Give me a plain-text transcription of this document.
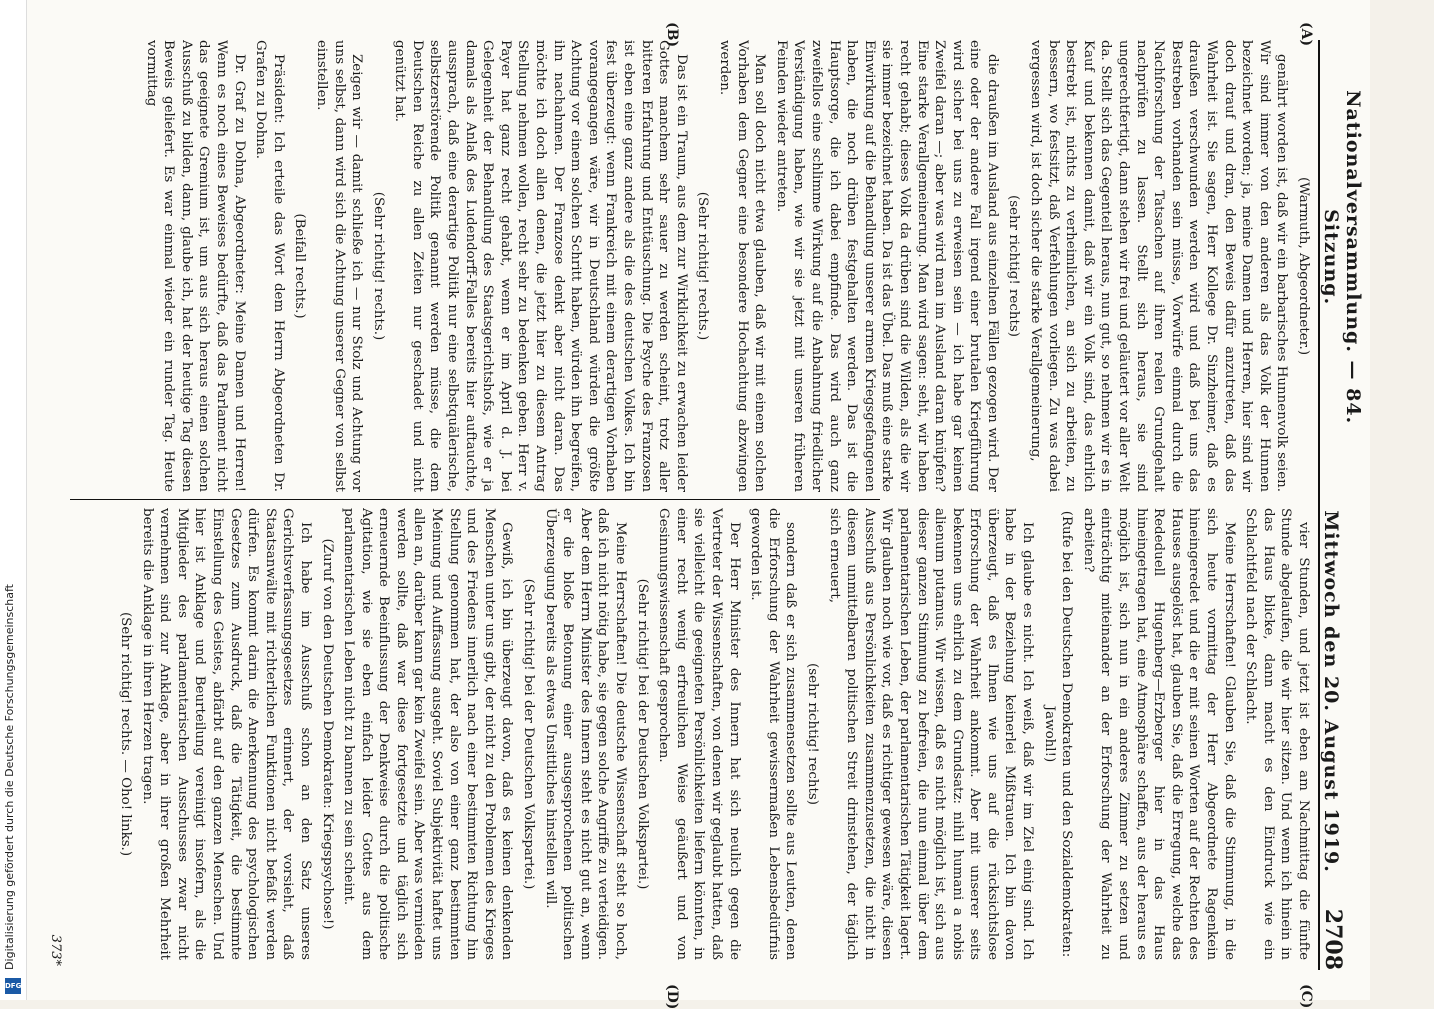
Nationalversammlung. — 84. Sitzung.
Mittwoch den 20. August 1919.
2708
(A)
(B)
(C)
(D)

(Warmuth, Abgeordneter.)

genährt worden ist, daß wir ein barbarisches Hunnenvolk seien. Wir sind immer von den anderen als das Volk der Hunnen bezeichnet worden; ja, meine Damen und Herren, hier sind wir doch drauf und dran, den Beweis dafür anzutreten, daß das Wahrheit ist. Sie sagen, Herr Kollege Dr. Sinzheimer, daß es draußen verschwunden werden wird und daß bei uns das Bestreben vorhanden sein müsse, Vorwürfe einmal durch die Nachforschung der Tatsachen auf ihren realen Grundgehalt nachprüfen zu lassen. Stellt sich heraus, sie sind ungerechtfertigt, dann stehen wir frei und geläutert vor aller Welt da. Stellt sich das Gegenteil heraus, nun gut, so nehmen wir es in Kauf und bekennen damit, daß wir ein Volk sind, das ehrlich bestrebt ist, nichts zu verheimlichen, an sich zu arbeiten, zu bessern, wo festsitzt, daß Verfehlungen vorliegen. Zu was dabei vergessen wird, ist doch sicher die starke Verallgemeinerung,

(sehr richtig! rechts)

die draußen im Ausland aus einzelnen Fällen gezogen wird. Der eine oder der andere Fall irgend einer brutalen Kriegführung wird sicher bei uns zu erweisen sein — ich habe gar keinen Zweifel daran —; aber was wird man im Ausland daran knüpfen? Eine starke Verallgemeinerung. Man wird sagen: seht, wir haben recht gehabt; dieses Volk da drüben sind die Wilden, als die wir sie immer bezeichnet haben. Da ist das Übel. Das muß eine starke Einwirkung auf die Behandlung unserer armen Kriegsgefangenen haben, die noch drüben festgehalten werden. Das ist die Hauptsorge, die ich dabei empfinde. Das wird auch ganz zweifellos eine schlimme Wirkung auf die Anbahnung friedlicher Verständigung haben, wie wir sie jetzt mit unseren früheren Feinden wieder antreten.

Man soll doch nicht etwa glauben, daß wir mit einem solchen Vorhaben dem Gegner eine besondere Hochachtung abzwingen werden.

(Sehr richtig! rechts.)

Das ist ein Traum, aus dem zur Wirklichkeit zu erwachen leider Gottes manchem sehr sauer zu werden scheint, trotz aller bitteren Erfahrung und Enttäuschung. Die Psyche des Franzosen ist eben eine ganz andere als die des deutschen Volkes. Ich bin fest überzeugt: wenn Frankreich mit einem derartigen Vorhaben vorangegangen wäre, wir in Deutschland würden die größte Achtung vor einem solchen Schritt haben, würden ihn begreifen, ihn nachahmen. Der Franzose denkt aber nicht daran. Das möchte ich doch allen denen, die jetzt hier zu diesem Antrag Stellung nehmen wollen, recht sehr zu bedenken geben. Herr v. Payer hat ganz recht gehabt, wenn er im April d. J. bei Gelegenheit der Behandlung des Staatsgerichtshofs, wie er ja damals als Anlaß des Ludendorff-Falles bereits hier auftauchte, aussprach, daß eine derartige Politik nur eine selbstquälerische, selbstzerstörende Politik genannt werden müsse, die dem Deutschen Reiche zu allen Zeiten nur geschadet und nicht genützt hat.

(Sehr richtig! rechts.)

Zeigen wir — damit schließe ich — nur Stolz und Achtung vor uns selbst, dann wird sich die Achtung unserer Gegner von selbst einstellen.

(Beifall rechts.)

Präsident: Ich erteile das Wort dem Herrn Abgeordneten Dr. Grafen zu Dohna.

Dr. Graf zu Dohna, Abgeordneter: Meine Damen und Herren! Wenn es noch eines Beweises bedürfte, daß das Parlament nicht das geeignete Gremium ist, um aus sich heraus einen solchen Ausschuß zu bilden, dann, glaube ich, hat der heutige Tag diesen Beweis geliefert. Es war einmal wieder ein runder Tag. Heute vormittag

vier Stunden, und jetzt ist eben am Nachmittag die fünfte Stunde abgelaufen, die wir hier sitzen. Und wenn ich hinein in das Haus blicke, dann macht es den Eindruck wie ein Schlachtfeld nach der Schlacht.

Meine Herrschaften! Glauben Sie, daß die Stimmung, in die sich heute vormittag der Herr Abgeordnete Ragenkein hineingeredet und die er mit seinen Worten auf der Rechten des Hauses ausgelöst hat, glauben Sie, daß die Erregung, welche das Rededuell Hugenberg—Erzberger hier in das Haus hineingetragen hat, eine Atmosphäre schaffen, aus der heraus es möglich ist, sich nun in ein anderes Zimmer zu setzen und einträchtig miteinander an der Erforschung der Wahrheit zu arbeiten?

(Rufe bei den Deutschen Demokraten und den Sozialdemokraten: Jawohl!)

Ich glaube es nicht. Ich weiß, daß wir im Ziel einig sind. Ich habe in der Beziehung keinerlei Mißtrauen. Ich bin davon überzeugt, daß es Ihnen wie uns auf die rücksichtslose Erforschung der Wahrheit ankommt. Aber mit unserer seits bekennen uns ehrlich zu dem Grundsatz: nihil humani a nobis alienum putamus. Wir wissen, daß es nicht möglich ist, sich aus dieser ganzen Stimmung zu befreien, die nun einmal über dem parlamentarischen Leben, der parlamentarischen Tätigkeit lagert. Wir glauben noch wie vor, daß es richtiger gewesen wäre, diesen Ausschuß aus Persönlichkeiten zusammenzusetzen, die nicht in diesem unmittelbaren politischen Streit drinstehen, der täglich sich erneuert,

(sehr richtig! rechts)

sondern daß er sich zusammensetzen sollte aus Leuten, denen die Erforschung der Wahrheit gewissermaßen Lebensbedürfnis geworden ist.

Der Herr Minister des Innern hat sich neulich gegen die Vertreter der Wissenschaften, von denen wir geglaubt hatten, daß sie vielleicht die geeigneten Persönlichkeiten liefern könnten, in einer recht wenig erfreulichen Weise geäußert und von Gesinnungswissenschaft gesprochen.

(Sehr richtig! bei der Deutschen Volkspartei.)

Meine Herrschaften! Die deutsche Wissenschaft steht so hoch, daß ich nicht nötig habe, sie gegen solche Angriffe zu verteidigen. Aber dem Herrn Minister des Innern steht es nicht gut an, wenn er die bloße Betonung einer ausgesprochenen politischen Überzeugung bereits als etwas Unsittliches hinstellen will.

(Sehr richtig! bei der Deutschen Volkspartei.)

Gewiß, ich bin überzeugt davon, daß es keinen denkenden Menschen unter uns gibt, der nicht zu den Problemen des Krieges und des Friedens innerlich nach einer bestimmten Richtung hin Stellung genommen hat, der also von einer ganz bestimmten Meinung und Auffassung ausgeht. Soviel Subjektivität haftet uns allen an, darüber kann gar kein Zweifel sein. Aber was vermieden werden sollte, daß war diese fortgesetzte und täglich sich erneuernde Beeinflussung der Denkweise durch die politische Agitation, wie sie eben einfach leider Gottes aus dem parlamentarischen Leben nicht zu bannen zu sein scheint.

(Zuruf von den Deutschen Demokraten: Kriegspsychose!)

Ich habe im Ausschuß schon an den Satz unseres Gerichtsverfassungsgesetzes erinnert, der vorsieht, daß Staatsanwälte mit richterlichen Funktionen nicht befaßt werden dürfen. Es kommt darin die Anerkennung des psychologischen Gesetzes zum Ausdruck, daß die Tätigkeit, die bestimmte Einstellung des Geistes, abfärbt auf den ganzen Menschen. Und hier ist Anklage und Beurteilung vereinigt insofern, als die Mitglieder des parlamentarischen Ausschusses zwar nicht vernehmen sind zur Anklage, aber in ihrer großen Mehrheit bereits die Anklage in ihren Herzen tragen.

(Sehr richtig! rechts. — Oho! links.)

373*
Digitalisierung gefördert durch die Deutsche Forschungsgemeinschaft
DFG
